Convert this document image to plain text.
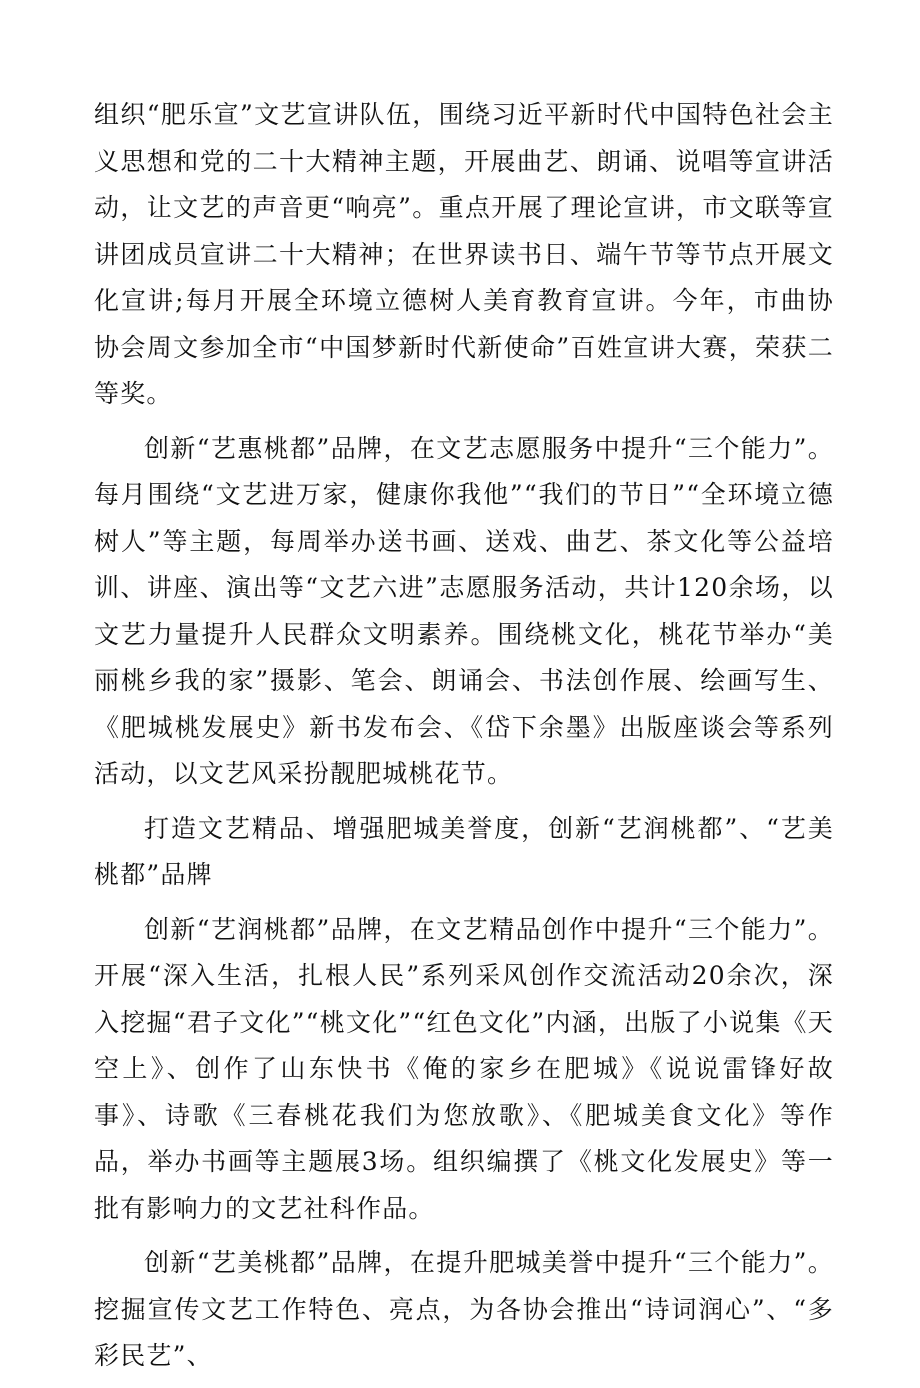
组织“肥乐宣”文艺宣讲队伍，围绕习近平新时代中国特色社会主义思想和党的二十大精神主题，开展曲艺、朗诵、说唱等宣讲活动，让文艺的声音更“响亮”。重点开展了理论宣讲，市文联等宣讲团成员宣讲二十大精神；在世界读书日、端午节等节点开展文化宣讲;每月开展全环境立德树人美育教育宣讲。今年，市曲协协会周文参加全市“中国梦新时代新使命”百姓宣讲大赛，荣获二等奖。

创新“艺惠桃都”品牌，在文艺志愿服务中提升“三个能力”。每月围绕“文艺进万家，健康你我他”“我们的节日”“全环境立德树人”等主题，每周举办送书画、送戏、曲艺、茶文化等公益培训、讲座、演出等“文艺六进”志愿服务活动，共计120余场，以文艺力量提升人民群众文明素养。围绕桃文化，桃花节举办“美丽桃乡我的家”摄影、笔会、朗诵会、书法创作展、绘画写生、《肥城桃发展史》新书发布会、《岱下余墨》出版座谈会等系列活动，以文艺风采扮靓肥城桃花节。

打造文艺精品、增强肥城美誉度，创新“艺润桃都”、“艺美桃都”品牌

创新“艺润桃都”品牌，在文艺精品创作中提升“三个能力”。开展“深入生活，扎根人民”系列采风创作交流活动20余次，深入挖掘“君子文化”“桃文化”“红色文化”内涵，出版了小说集《天空上》、创作了山东快书《俺的家乡在肥城》《说说雷锋好故事》、诗歌《三春桃花我们为您放歌》、《肥城美食文化》等作品，举办书画等主题展3场。组织编撰了《桃文化发展史》等一批有影响力的文艺社科作品。

创新“艺美桃都”品牌，在提升肥城美誉中提升“三个能力”。挖掘宣传文艺工作特色、亮点，为各协会推出“诗词润心”、“多彩民艺”、
